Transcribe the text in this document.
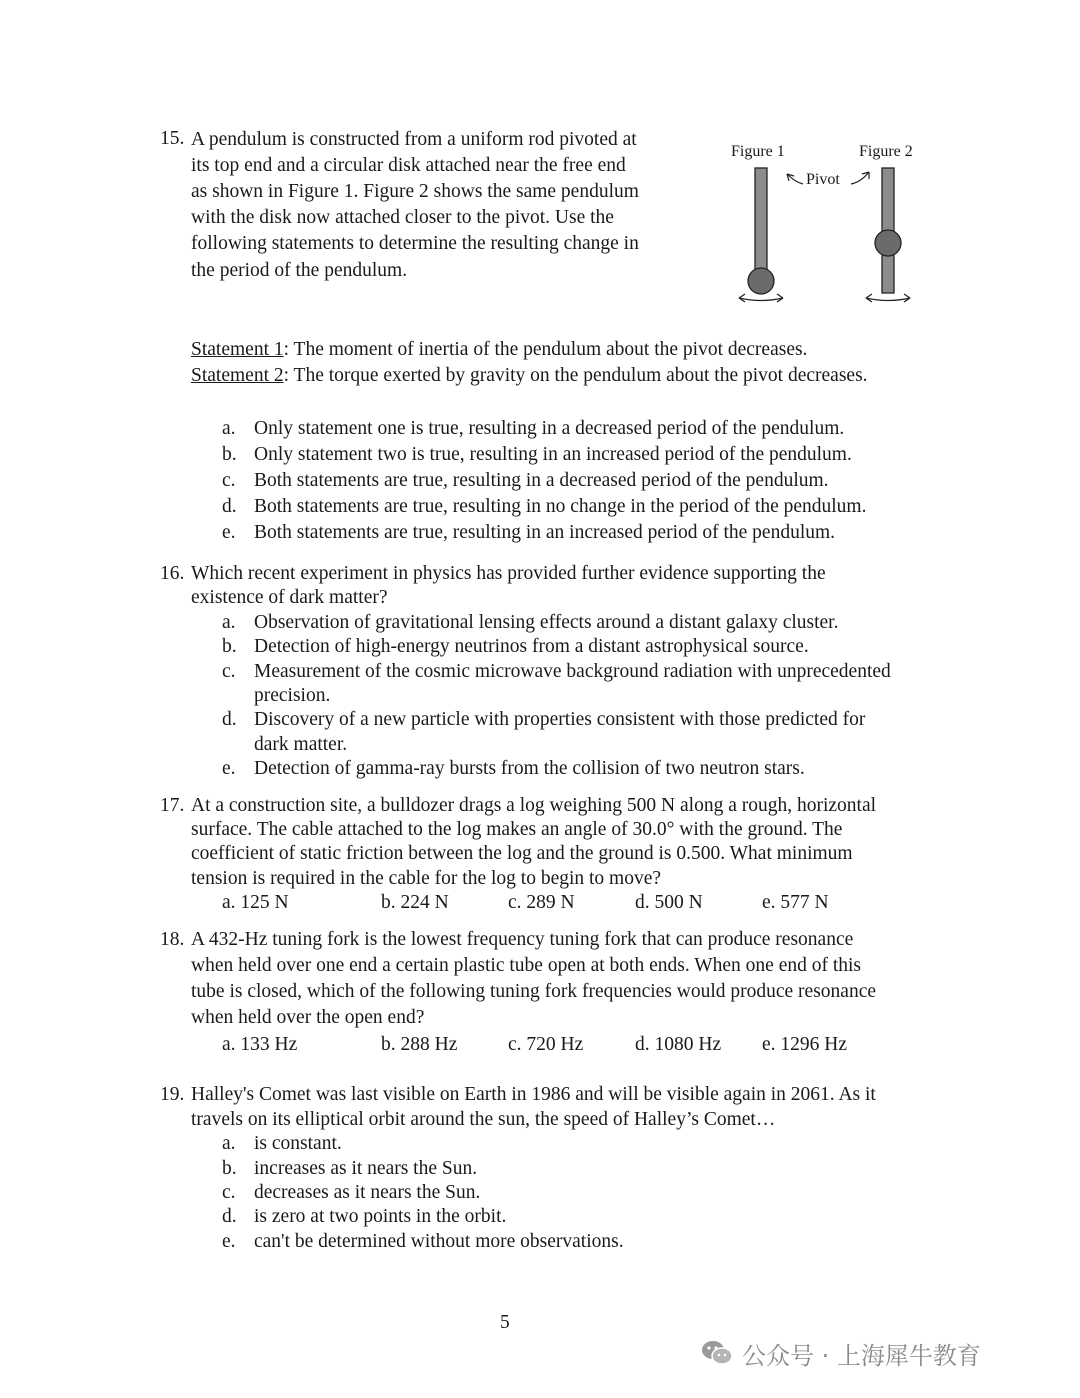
15. A pendulum is constructed from a uniform rod pivoted at
its top end and a circular disk attached near the free end
as shown in Figure 1. Figure 2 shows the same pendulum
with the disk now attached closer to the pivot. Use the
following statements to determine the resulting change in
the period of the pendulum.
Figure 1	Figure 2
Pivot
Statement 1: The moment of inertia of the pendulum about the pivot decreases.
Statement 2: The torque exerted by gravity on the pendulum about the pivot decreases.
a. Only statement one is true, resulting in a decreased period of the pendulum.
b. Only statement two is true, resulting in an increased period of the pendulum.
c. Both statements are true, resulting in a decreased period of the pendulum.
d. Both statements are true, resulting in no change in the period of the pendulum.
e. Both statements are true, resulting in an increased period of the pendulum.
16. Which recent experiment in physics has provided further evidence supporting the
existence of dark matter?
a. Observation of gravitational lensing effects around a distant galaxy cluster.
b. Detection of high-energy neutrinos from a distant astrophysical source.
c. Measurement of the cosmic microwave background radiation with unprecedented
precision.
d. Discovery of a new particle with properties consistent with those predicted for
dark matter.
e. Detection of gamma-ray bursts from the collision of two neutron stars.
17. At a construction site, a bulldozer drags a log weighing 500 N along a rough, horizontal
surface. The cable attached to the log makes an angle of 30.0° with the ground. The
coefficient of static friction between the log and the ground is 0.500. What minimum
tension is required in the cable for the log to begin to move?
a. 125 N	b. 224 N	c. 289 N	d. 500 N	e. 577 N
18. A 432-Hz tuning fork is the lowest frequency tuning fork that can produce resonance
when held over one end a certain plastic tube open at both ends. When one end of this
tube is closed, which of the following tuning fork frequencies would produce resonance
when held over the open end?
a. 133 Hz	b. 288 Hz	c. 720 Hz	d. 1080 Hz e. 1296 Hz
19. Halley's Comet was last visible on Earth in 1986 and will be visible again in 2061. As it
travels on its elliptical orbit around the sun, the speed of Halley’s Comet…
a. is constant.
b. increases as it nears the Sun.
c. decreases as it nears the Sun.
d. is zero at two points in the orbit.
e. can't be determined without more observations.
5
公众号 · 上海犀牛教育
